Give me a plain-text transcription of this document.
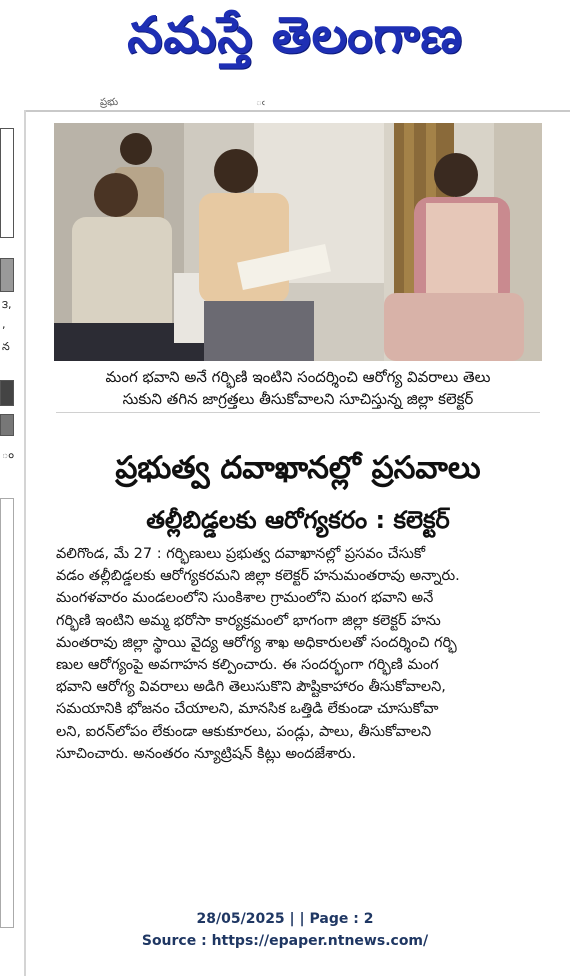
నమస్తే తెలంగాణ
ప్రభు	ఁ
౩,
,
న
ం
మంగ భవాని అనే గర్భిణి ఇంటిని సందర్శించి ఆరోగ్య వివరాలు తెలు
సుకుని తగిన జాగ్రత్తలు తీసుకోవాలని సూచిస్తున్న జిల్లా కలెక్టర్
ప్రభుత్వ దవాఖానల్లో ప్రసవాలు
తల్లీబిడ్డలకు ఆరోగ్యకరం : కలెక్టర్
వలిగొండ, మే 27 : గర్భిణులు ప్రభుత్వ దవాఖానల్లో ప్రసవం చేసుకో
వడం తల్లీబిడ్డలకు ఆరోగ్యకరమని జిల్లా కలెక్టర్ హనుమంతరావు అన్నారు.
మంగళవారం మండలంలోని సుంకిశాల గ్రామంలోని మంగ భవాని అనే
గర్భిణి ఇంటిని అమ్మ భరోసా కార్యక్రమంలో భాగంగా జిల్లా కలెక్టర్ హను
మంతరావు జిల్లా స్థాయి వైద్య ఆరోగ్య శాఖ అధికారులతో సందర్శించి గర్భి
ణుల ఆరోగ్యంపై అవగాహన కల్పించారు. ఈ సందర్భంగా గర్భిణి మంగ
భవాని ఆరోగ్య వివరాలు అడిగి తెలుసుకొని పౌష్టికాహారం తీసుకోవాలని,
సమయానికి భోజనం చేయాలని, మానసిక ఒత్తిడి లేకుండా చూసుకోవా
లని, ఐరన్‌లోపం లేకుండా ఆకుకూరలు, పండ్లు, పాలు, తీసుకోవాలని
సూచించారు. అనంతరం న్యూట్రిషన్ కిట్లు అందజేశారు.
28/05/2025 | | Page : 2
Source : https://epaper.ntnews.com/
